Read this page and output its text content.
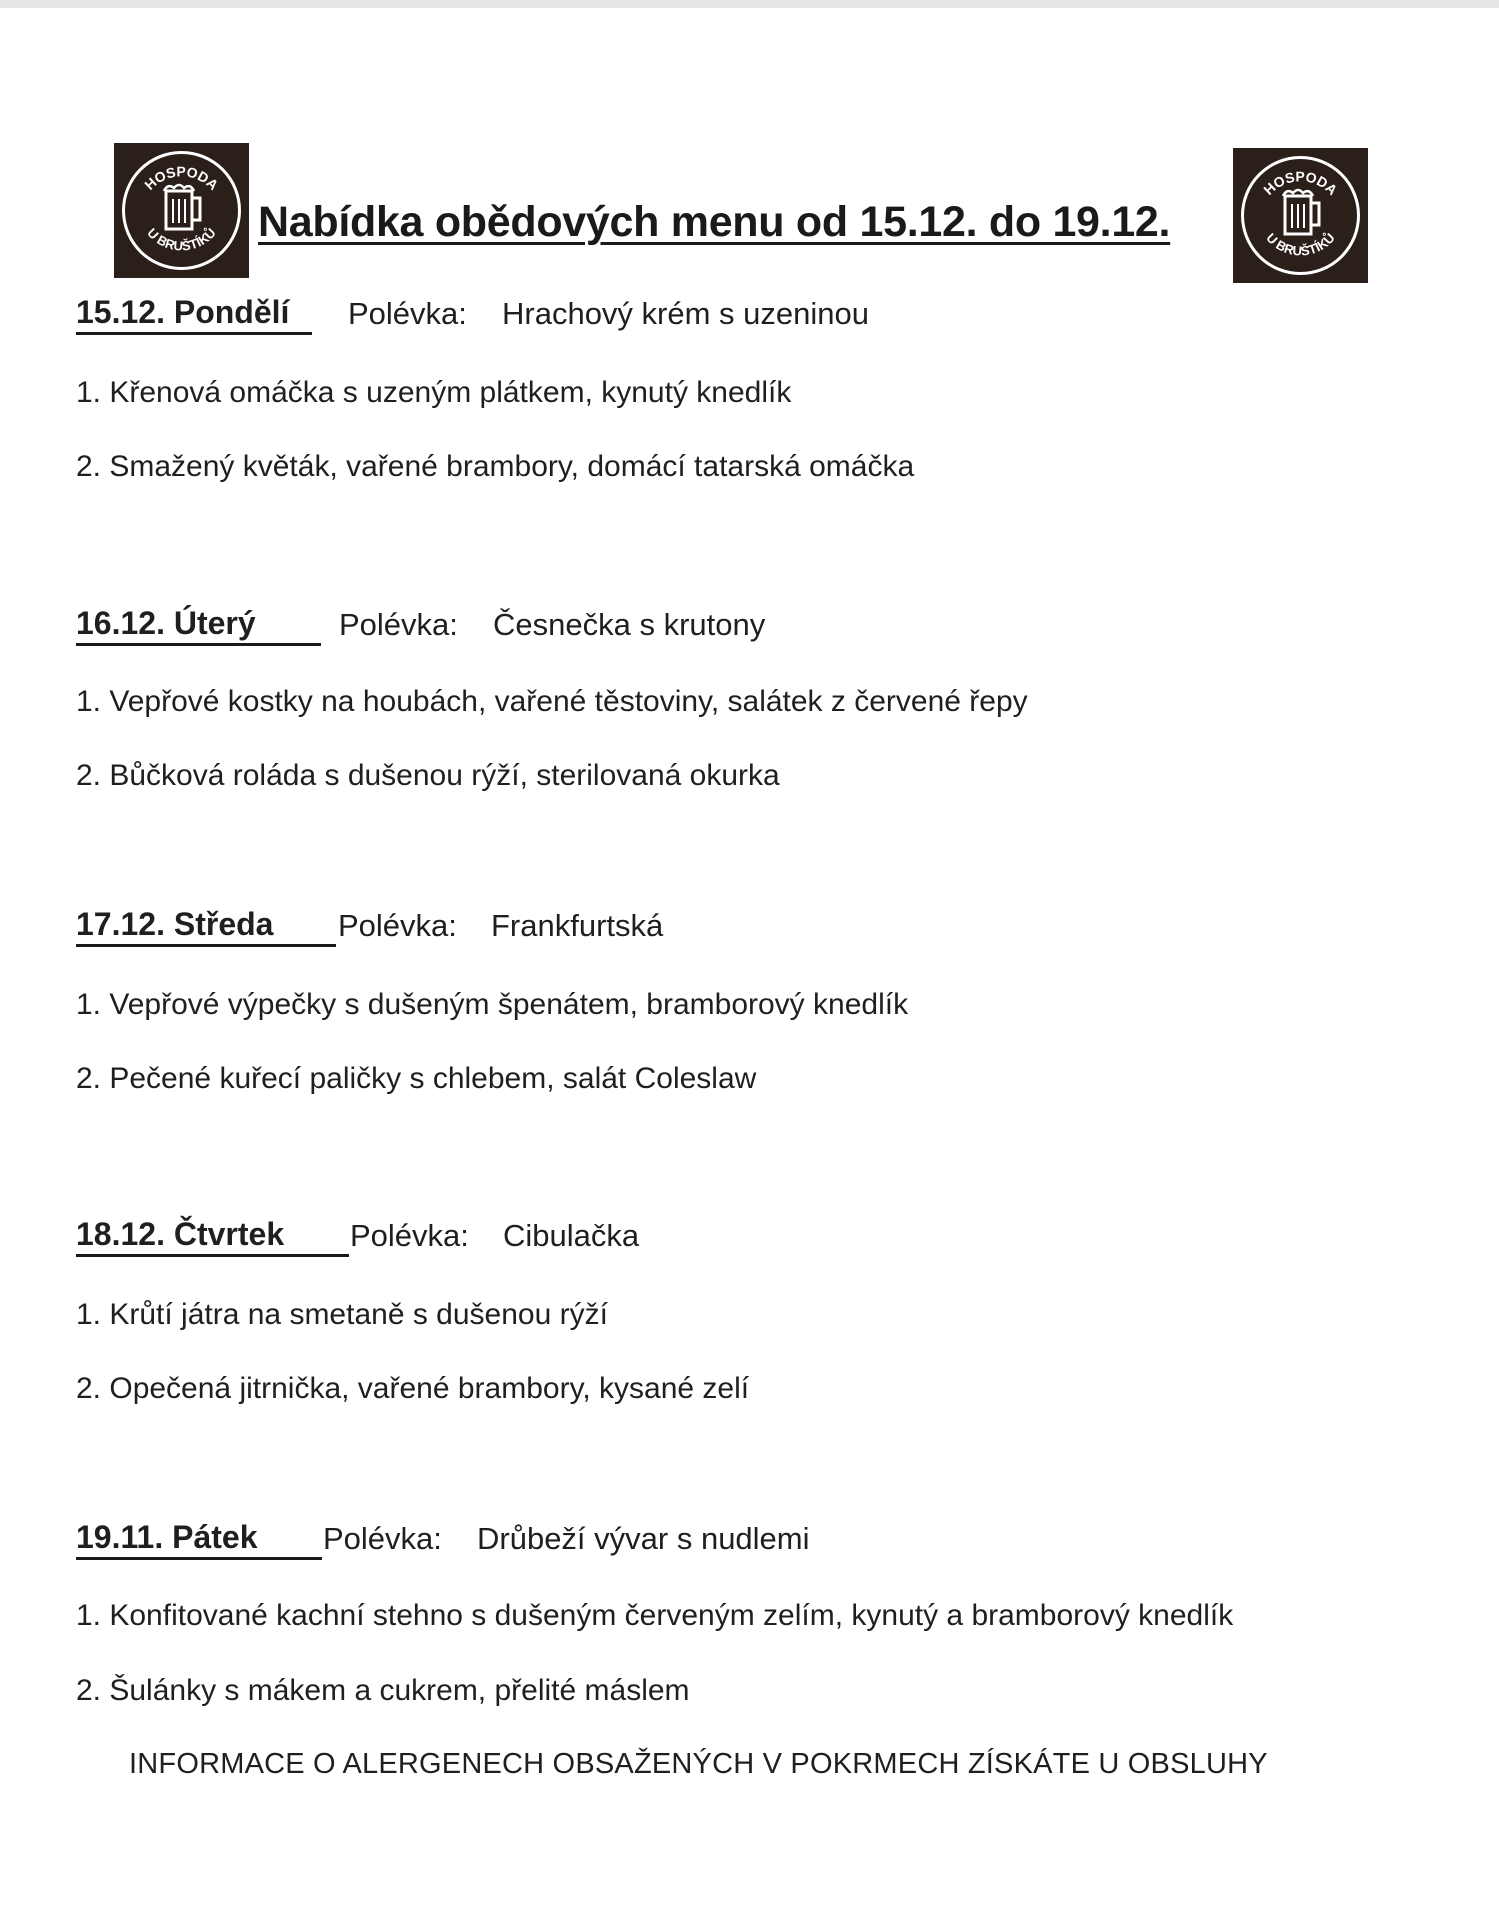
HOSPODA
U BRUŠTÍKŮ
HOSPODA
U BRUŠTÍKŮ
Nabídka obědových menu od 15.12. do 19.12.
15.12. Pondělí	Polévka: Hrachový krém s uzeninou
1. Křenová omáčka s uzeným plátkem, kynutý knedlík
2. Smažený květák, vařené brambory, domácí tatarská omáčka
16.12. Úterý	Polévka: Česnečka s krutony
1. Vepřové kostky na houbách, vařené těstoviny, salátek z červené řepy
2. Bůčková roláda s dušenou rýží, sterilovaná okurka
17.12. Středa	Polévka: Frankfurtská
1. Vepřové výpečky s dušeným špenátem, bramborový knedlík
2. Pečené kuřecí paličky s chlebem, salát Coleslaw
18.12. Čtvrtek	Polévka: Cibulačka
1. Krůtí játra na smetaně s dušenou rýží
2. Opečená jitrnička, vařené brambory, kysané zelí
19.11. Pátek	Polévka: Drůbeží vývar s nudlemi
1. Konfitované kachní stehno s dušeným červeným zelím, kynutý a bramborový knedlík
2. Šulánky s mákem a cukrem, přelité máslem
INFORMACE O ALERGENECH OBSAŽENÝCH V POKRMECH ZÍSKÁTE U OBSLUHY
